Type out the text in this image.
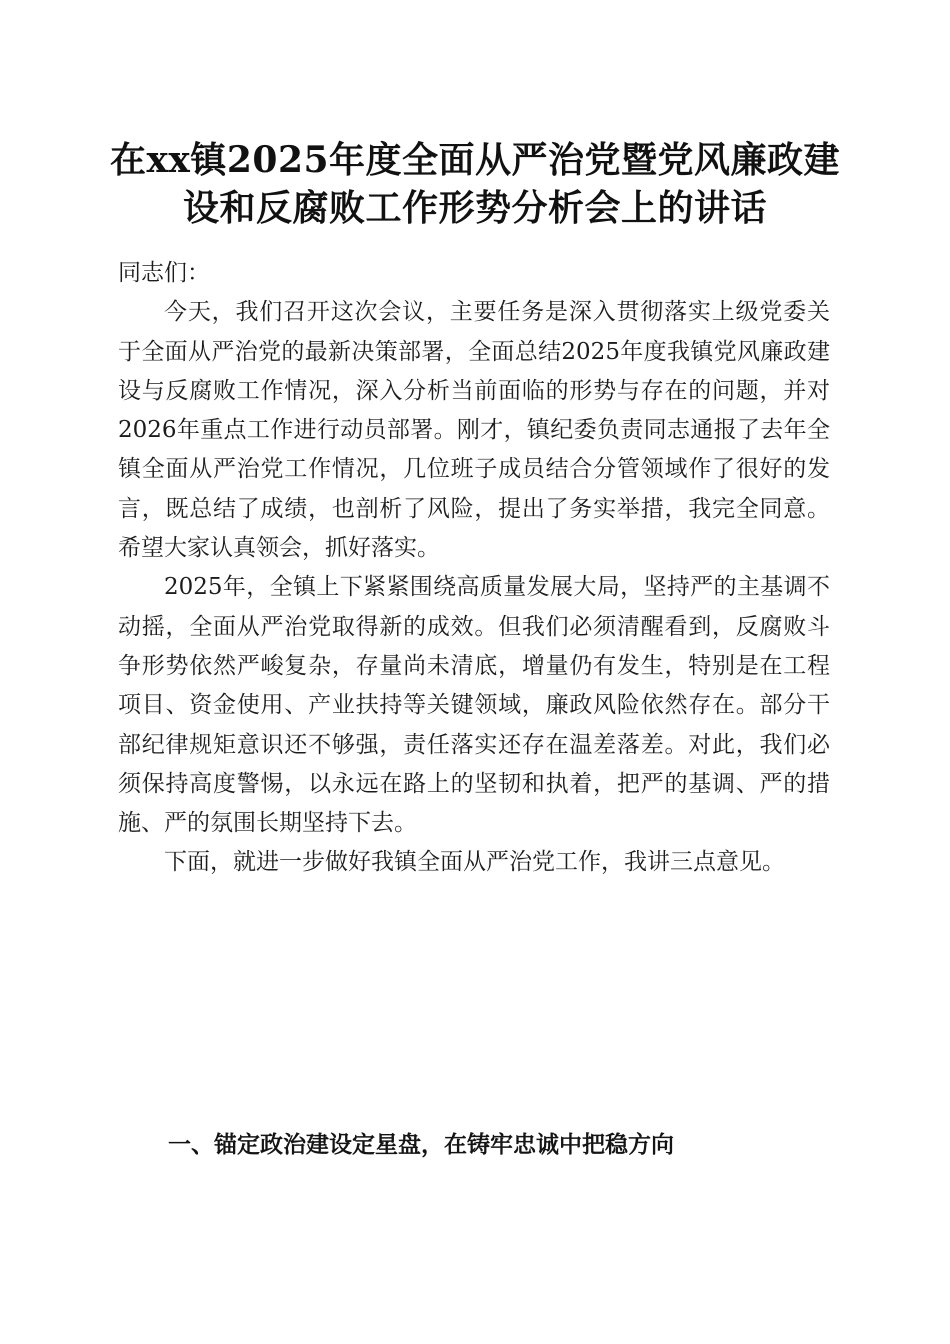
在xx镇2025年度全面从严治党暨党风廉政建
设和反腐败工作形势分析会上的讲话

同志们：

今天，我们召开这次会议，主要任务是深入贯彻落实上级党委关于全面从严治党的最新决策部署，全面总结2025年度我镇党风廉政建设与反腐败工作情况，深入分析当前面临的形势与存在的问题，并对2026年重点工作进行动员部署。刚才，镇纪委负责同志通报了去年全镇全面从严治党工作情况，几位班子成员结合分管领域作了很好的发言，既总结了成绩，也剖析了风险，提出了务实举措，我完全同意。希望大家认真领会，抓好落实。

2025年，全镇上下紧紧围绕高质量发展大局，坚持严的主基调不动摇，全面从严治党取得新的成效。但我们必须清醒看到，反腐败斗争形势依然严峻复杂，存量尚未清底，增量仍有发生，特别是在工程项目、资金使用、产业扶持等关键领域，廉政风险依然存在。部分干部纪律规矩意识还不够强，责任落实还存在温差落差。对此，我们必须保持高度警惕，以永远在路上的坚韧和执着，把严的基调、严的措施、严的氛围长期坚持下去。

下面，就进一步做好我镇全面从严治党工作，我讲三点意见。

一、锚定政治建设定星盘，在铸牢忠诚中把稳方向
